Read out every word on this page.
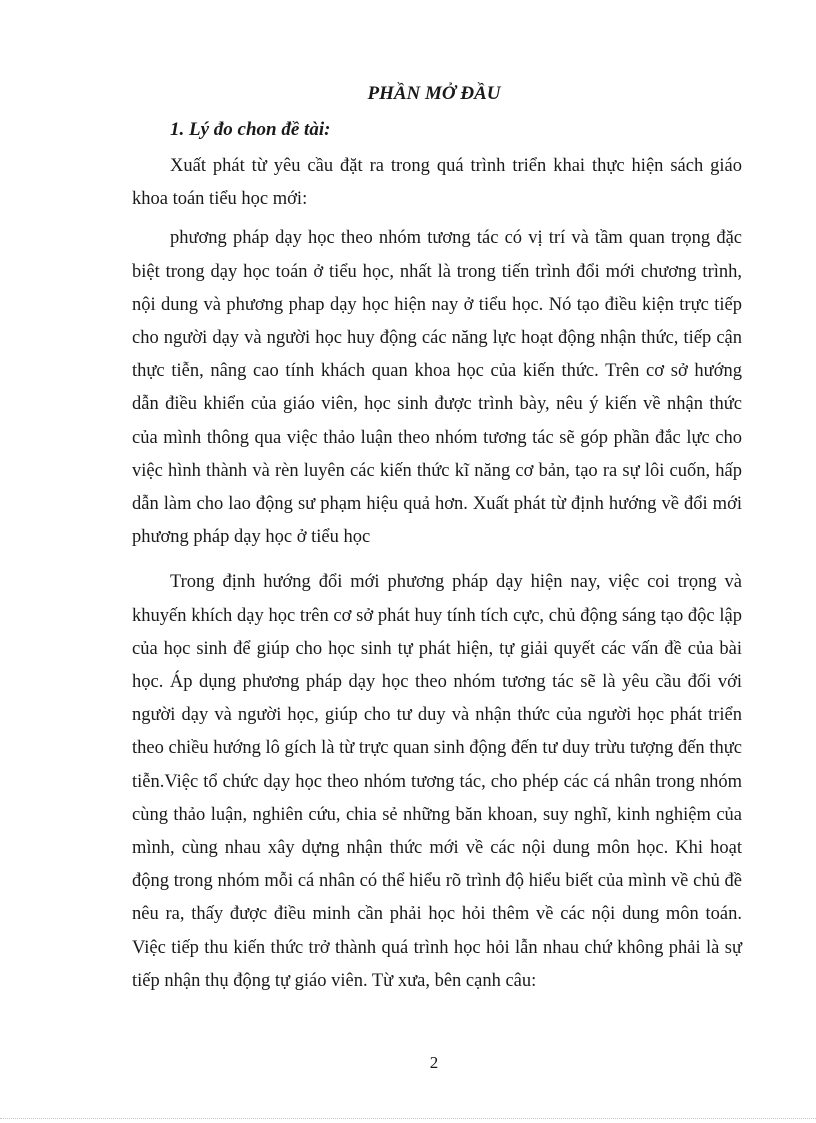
PHẦN MỞ ĐẦU
1. Lý đo chon đề tài:

Xuất phát từ yêu cầu đặt ra trong quá trình triển khai thực hiện sách giáo khoa toán tiểu học mới:

phương pháp dạy học theo nhóm tương tác có vị trí và tầm quan trọng đặc biệt trong dạy học toán ở tiểu học, nhất là trong tiến trình đổi mới chương trình, nội dung và phương phap dạy học hiện nay ở tiểu học. Nó tạo điều kiện trực tiếp cho người dạy và người học huy động các năng lực hoạt động nhận thức, tiếp cận thực tiễn, nâng cao tính khách quan khoa học của kiến thức. Trên cơ sở hướng dẫn điều khiển của giáo viên, học sinh được trình bày, nêu ý kiến về nhận thức của mình thông qua việc thảo luận theo nhóm tương tác sẽ góp phần đắc lực cho việc hình thành và rèn luyên các kiến thức kĩ năng cơ bản, tạo ra sự lôi cuốn, hấp dẫn làm cho lao động sư phạm hiệu quả hơn. Xuất phát từ định hướng về đổi mới phương pháp dạy học ở tiểu học

Trong định hướng đổi mới phương pháp dạy hiện nay, việc coi trọng và khuyến khích dạy học trên cơ sở phát huy tính tích cực, chủ động sáng tạo độc lập của học sinh để giúp cho học sinh tự phát hiện, tự giải quyết các vấn đề của bài học. Áp dụng phương pháp dạy học theo nhóm tương tác sẽ là yêu cầu đối với người dạy và người học, giúp cho tư duy và nhận thức của người học phát triển theo chiều hướng lô gích là từ trực quan sinh động đến tư duy trừu tượng đến thực tiễn.Việc tổ chức dạy học theo nhóm tương tác, cho phép các cá nhân trong nhóm cùng thảo luận, nghiên cứu, chia sẻ những băn khoan, suy nghĩ, kinh nghiệm của mình, cùng nhau xây dựng nhận thức mới về các nội dung môn học. Khi hoạt động trong nhóm mỗi cá nhân có thể hiểu rõ trình độ hiểu biết của mình về chủ đề nêu ra, thấy được điều minh cần phải học hỏi thêm về các nội dung môn toán. Việc tiếp thu kiến thức trở thành quá trình học hỏi lẫn nhau chứ không phải là sự tiếp nhận thụ động tự giáo viên. Từ xưa, bên cạnh câu:

2
